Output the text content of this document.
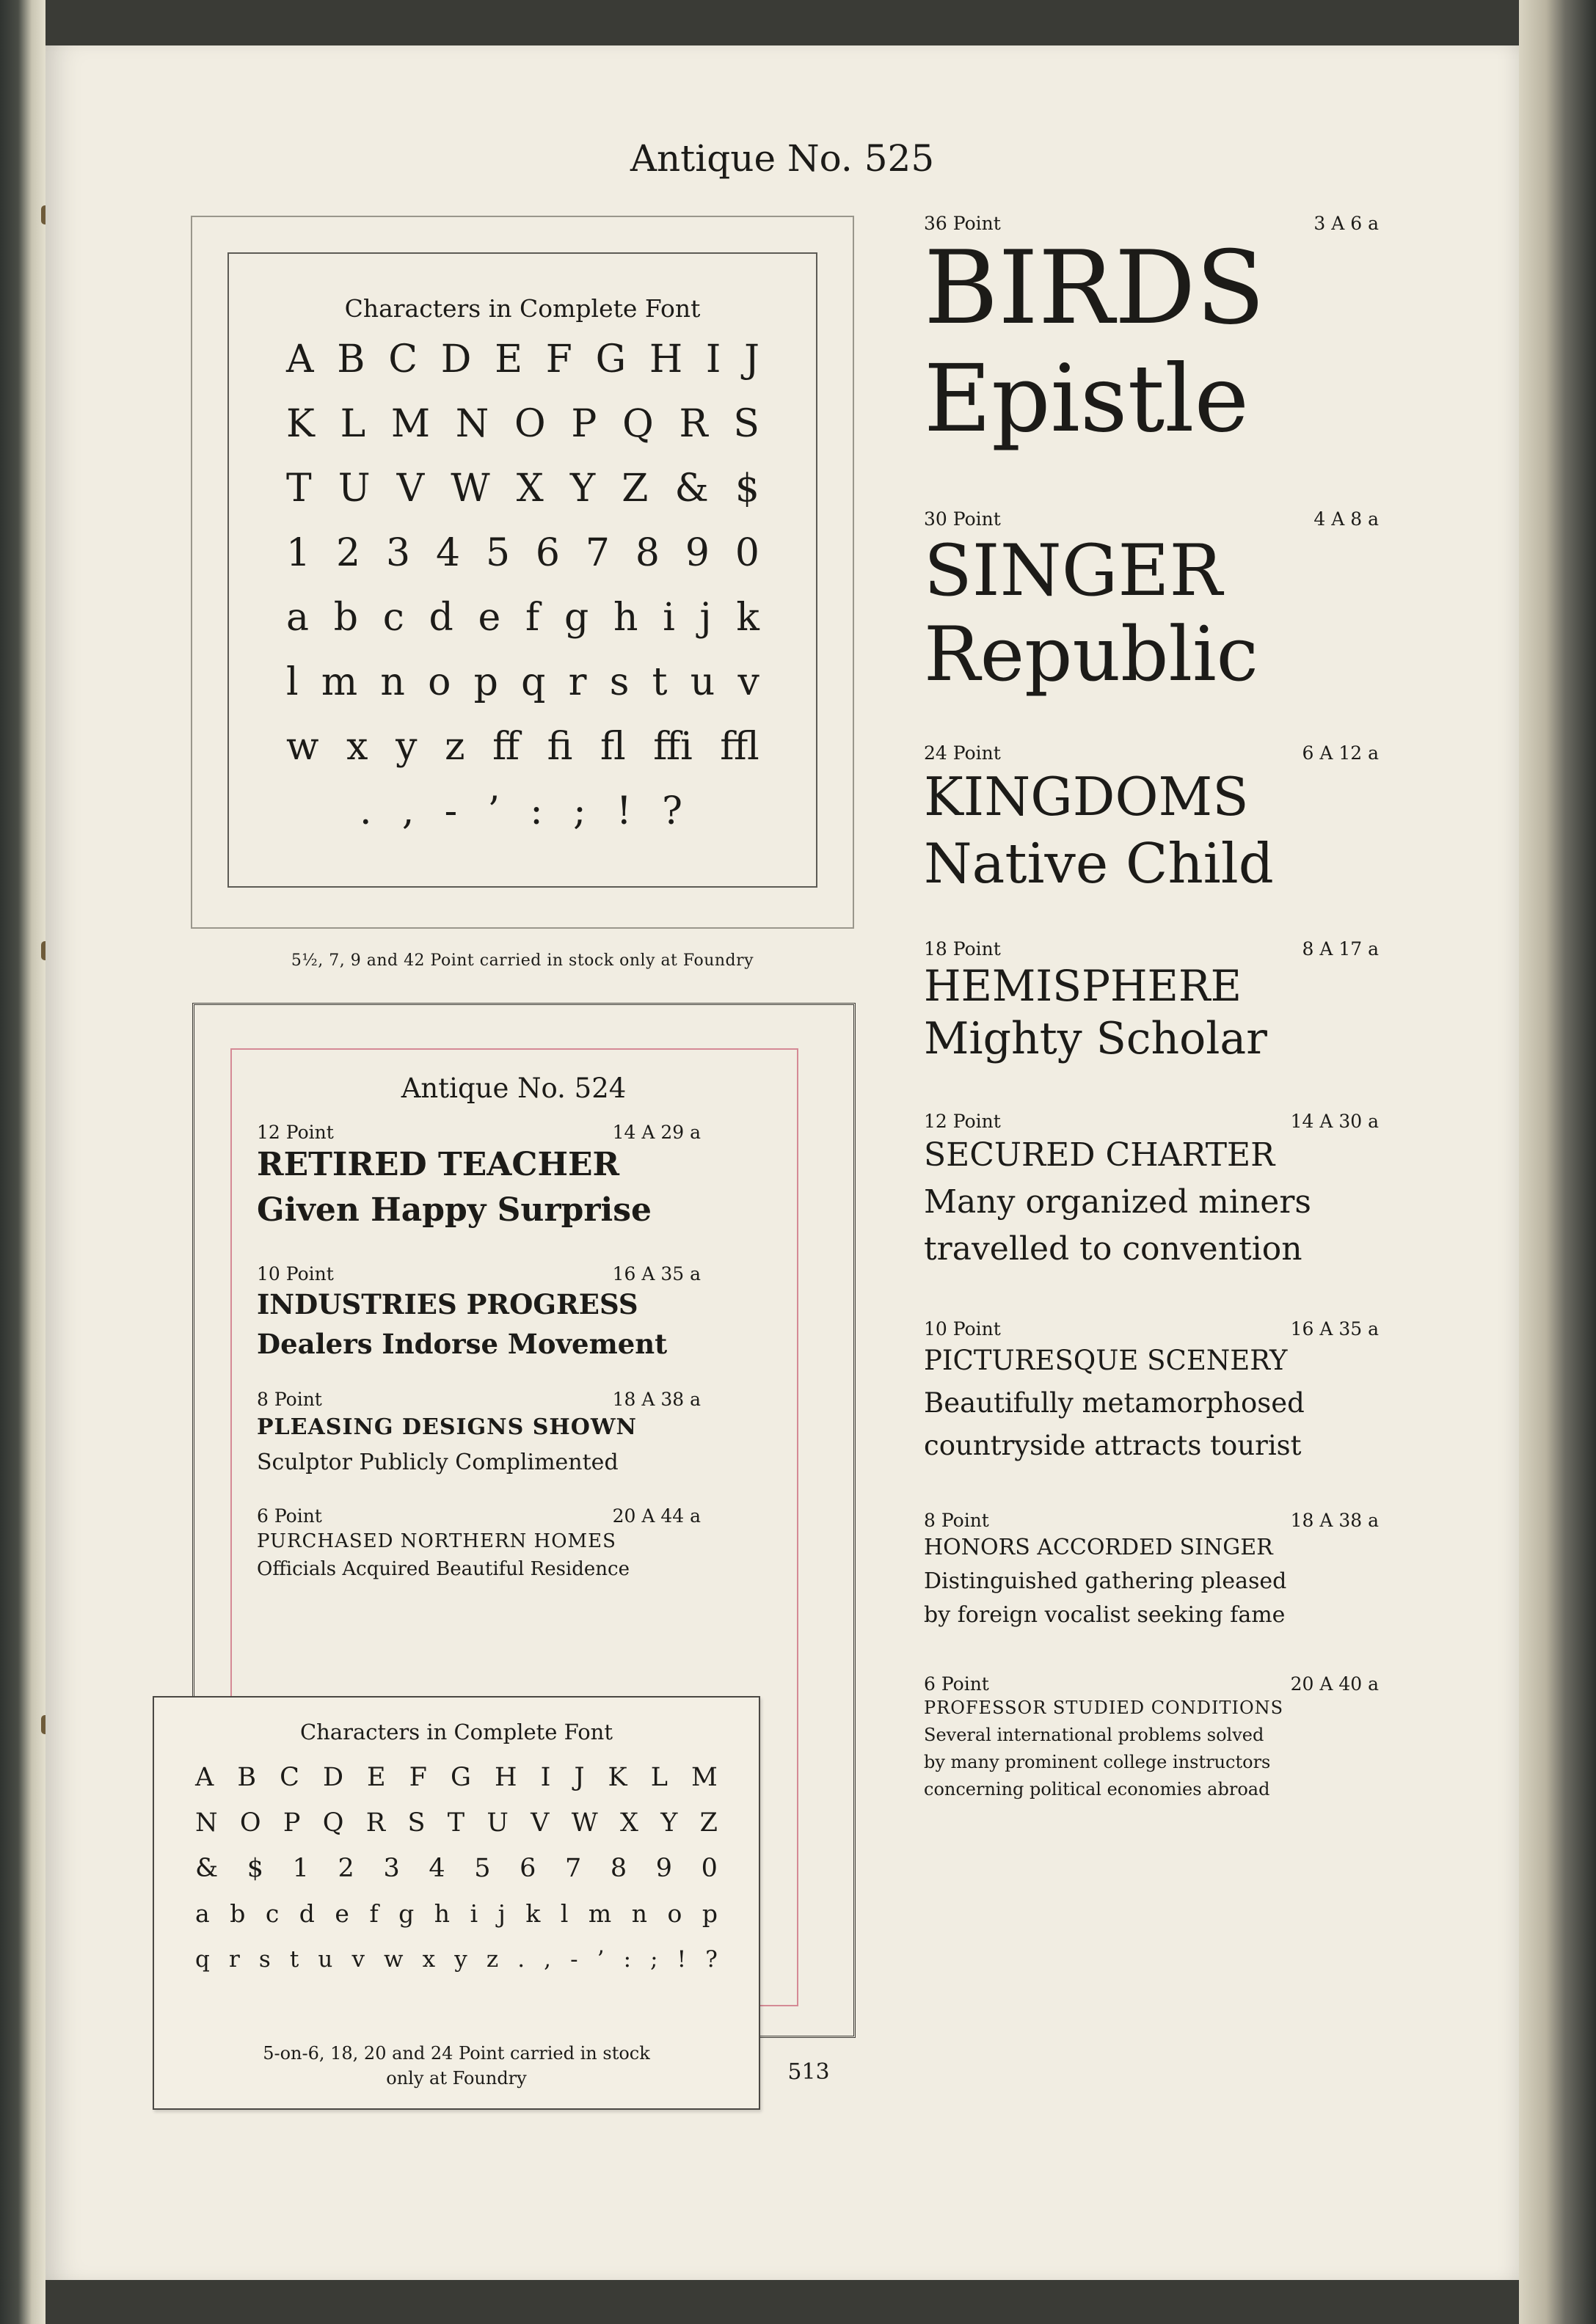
Antique No. 525
Characters in Complete Font
A B C D E F G H I J
K L M N O P Q R S
T U V W X Y Z & $
1 2 3 4 5 6 7 8 9 0
a b c d e f g h i j k
l m n o p q r s t u v
w x y z ff fi fl ffi ffl
. , - ’ : ; ! ?
5½, 7, 9 and 42 Point carried in stock only at Foundry
Antique No. 524
12 Point	14 A 29 a
RETIRED TEACHER
Given Happy Surprise
10 Point	16 A 35 a
INDUSTRIES PROGRESS
Dealers Indorse Movement
8 Point	18 A 38 a
PLEASING DESIGNS SHOWN
Sculptor Publicly Complimented
6 Point	20 A 44 a
PURCHASED NORTHERN HOMES
Officials Acquired Beautiful Residence
Characters in Complete Font
A B C D E F G H I J K L M
N O P Q R S T U V W X Y Z
& $ 1 2 3 4 5 6 7 8 9 0
a b c d e f g h i j k l m n o p
q r s t u v w x y z . , - ’ : ; ! ?
5-on-6, 18, 20 and 24 Point carried in stock
only at Foundry
36 Point	3 A 6 a
BIRDS
Epistle
30 Point	4 A 8 a
SINGER
Republic
24 Point	6 A 12 a
KINGDOMS
Native Child
18 Point	8 A 17 a
HEMISPHERE
Mighty Scholar
12 Point	14 A 30 a
SECURED CHARTER
Many organized miners
travelled to convention
10 Point	16 A 35 a
PICTURESQUE SCENERY
Beautifully metamorphosed
countryside attracts tourist
8 Point	18 A 38 a
HONORS ACCORDED SINGER
Distinguished gathering pleased
by foreign vocalist seeking fame
6 Point	20 A 40 a
PROFESSOR STUDIED CONDITIONS
Several international problems solved
by many prominent college instructors
concerning political economies abroad
513
